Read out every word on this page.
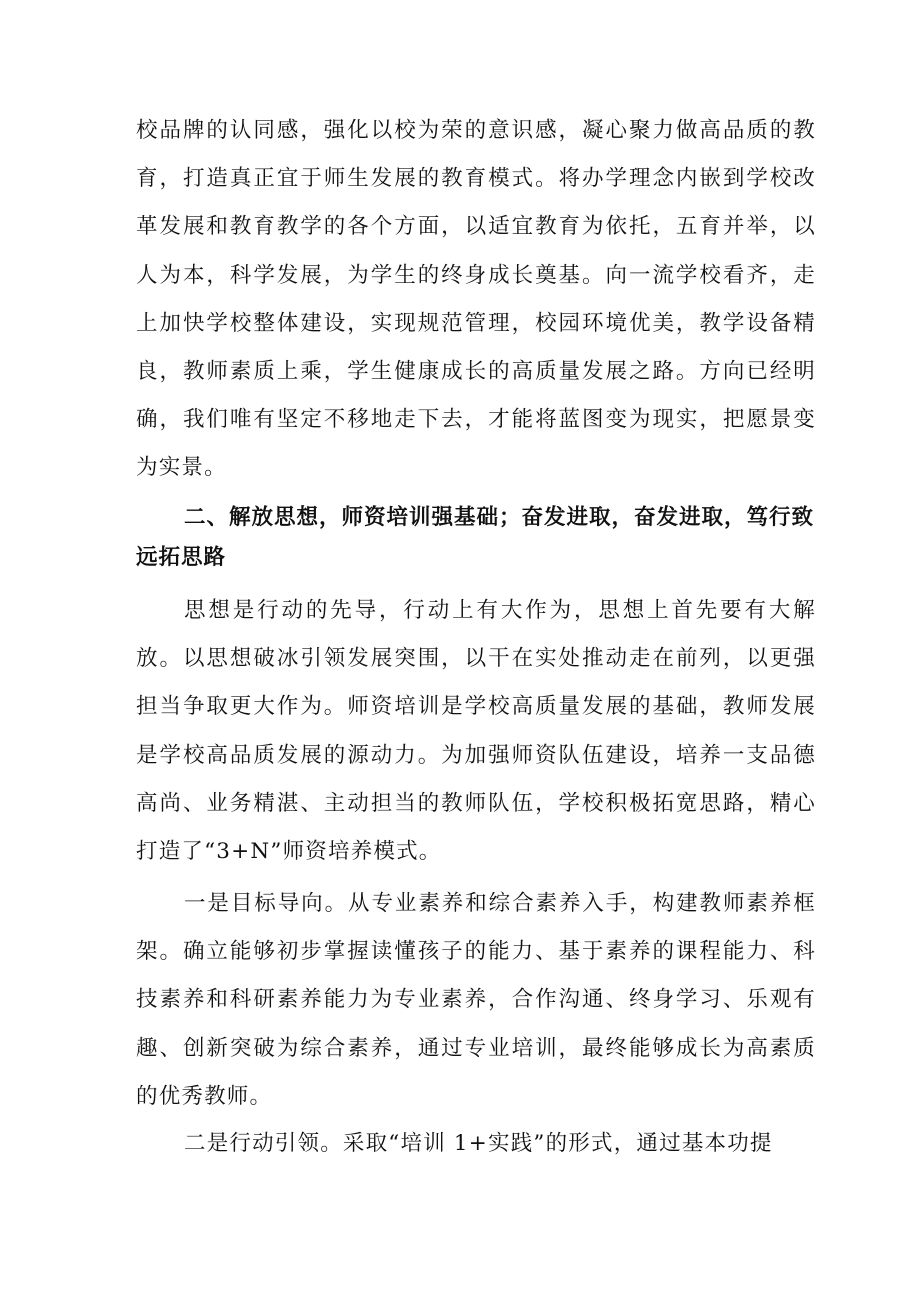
校品牌的认同感，强化以校为荣的意识感，凝心聚力做高品质的教育，打造真正宜于师生发展的教育模式。将办学理念内嵌到学校改革发展和教育教学的各个方面，以适宜教育为依托，五育并举，以人为本，科学发展，为学生的终身成长奠基。向一流学校看齐，走上加快学校整体建设，实现规范管理，校园环境优美，教学设备精良，教师素质上乘，学生健康成长的高质量发展之路。方向已经明确，我们唯有坚定不移地走下去，才能将蓝图变为现实，把愿景变为实景。

二、解放思想，师资培训强基础；奋发进取，奋发进取，笃行致远拓思路

思想是行动的先导，行动上有大作为，思想上首先要有大解放。以思想破冰引领发展突围，以干在实处推动走在前列，以更强担当争取更大作为。师资培训是学校高质量发展的基础，教师发展是学校高品质发展的源动力。为加强师资队伍建设，培养一支品德高尚、业务精湛、主动担当的教师队伍，学校积极拓宽思路，精心打造了“3+N”师资培养模式。

一是目标导向。从专业素养和综合素养入手，构建教师素养框架。确立能够初步掌握读懂孩子的能力、基于素养的课程能力、科技素养和科研素养能力为专业素养，合作沟通、终身学习、乐观有趣、创新突破为综合素养，通过专业培训，最终能够成长为高素质的优秀教师。

二是行动引领。采取“培训 1+实践”的形式，通过基本功提
